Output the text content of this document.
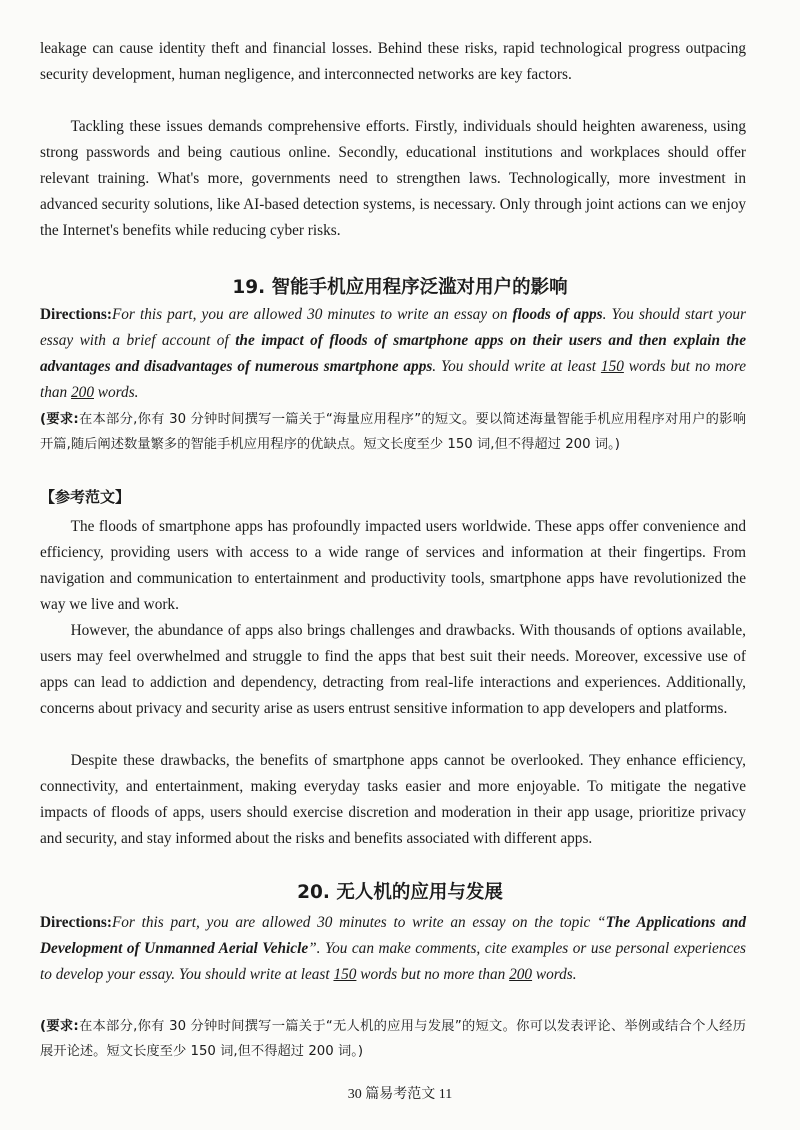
leakage can cause identity theft and financial losses. Behind these risks, rapid technological progress outpacing security development, human negligence, and interconnected networks are key factors.

Tackling these issues demands comprehensive efforts. Firstly, individuals should heighten awareness, using strong passwords and being cautious online. Secondly, educational institutions and workplaces should offer relevant training. What's more, governments need to strengthen laws. Technologically, more investment in advanced security solutions, like AI-based detection systems, is necessary. Only through joint actions can we enjoy the Internet's benefits while reducing cyber risks.

19. 智能手机应用程序泛滥对用户的影响

Directions:For this part, you are allowed 30 minutes to write an essay on floods of apps. You should start your essay with a brief account of the impact of floods of smartphone apps on their users and then explain the advantages and disadvantages of numerous smartphone apps. You should write at least 150 words but no more than 200 words.

(要求:在本部分,你有 30 分钟时间撰写一篇关于“海量应用程序”的短文。要以简述海量智能手机应用程序对用户的影响开篇,随后阐述数量繁多的智能手机应用程序的优缺点。短文长度至少 150 词,但不得超过 200 词。)

【参考范文】

The floods of smartphone apps has profoundly impacted users worldwide. These apps offer convenience and efficiency, providing users with access to a wide range of services and information at their fingertips. From navigation and communication to entertainment and productivity tools, smartphone apps have revolutionized the way we live and work.

However, the abundance of apps also brings challenges and drawbacks. With thousands of options available, users may feel overwhelmed and struggle to find the apps that best suit their needs. Moreover, excessive use of apps can lead to addiction and dependency, detracting from real-life interactions and experiences. Additionally, concerns about privacy and security arise as users entrust sensitive information to app developers and platforms.

Despite these drawbacks, the benefits of smartphone apps cannot be overlooked. They enhance efficiency, connectivity, and entertainment, making everyday tasks easier and more enjoyable. To mitigate the negative impacts of floods of apps, users should exercise discretion and moderation in their app usage, prioritize privacy and security, and stay informed about the risks and benefits associated with different apps.

20. 无人机的应用与发展

Directions:For this part, you are allowed 30 minutes to write an essay on the topic “The Applications and Development of Unmanned Aerial Vehicle”. You can make comments, cite examples or use personal experiences to develop your essay. You should write at least 150 words but no more than 200 words.

(要求:在本部分,你有 30 分钟时间撰写一篇关于“无人机的应用与发展”的短文。你可以发表评论、举例或结合个人经历展开论述。短文长度至少 150 词,但不得超过 200 词。)

30 篇易考范文 11
